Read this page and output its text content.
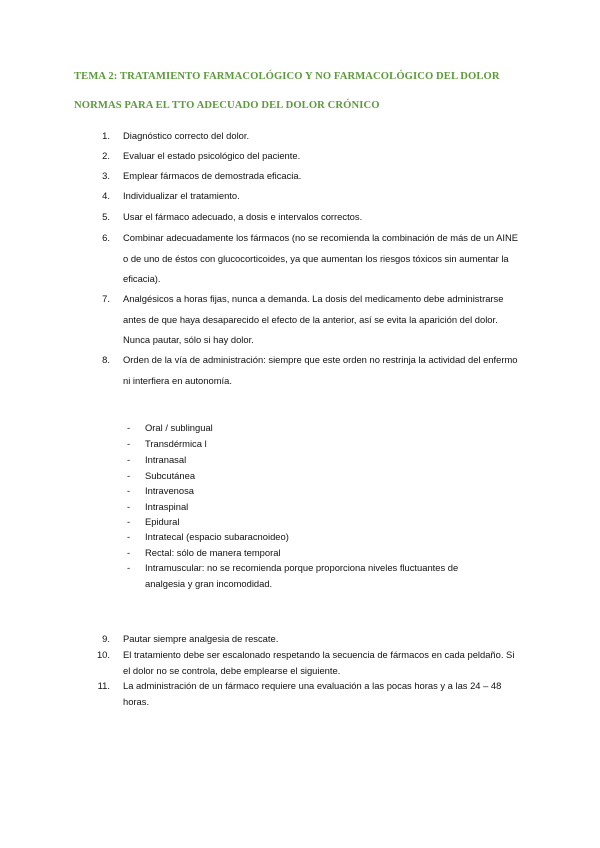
TEMA 2: TRATAMIENTO FARMACOLÓGICO Y NO FARMACOLÓGICO DEL DOLOR
NORMAS PARA EL TTO ADECUADO DEL DOLOR CRÓNICO
1. Diagnóstico correcto del dolor.
2. Evaluar el estado psicológico del paciente.
3. Emplear fármacos de demostrada eficacia.
4. Individualizar el tratamiento.
5. Usar el fármaco adecuado, a dosis e intervalos correctos.
6. Combinar adecuadamente los fármacos (no se recomienda la combinación de más de un AINE o de uno de éstos con glucocorticoides, ya que aumentan los riesgos tóxicos sin aumentar la eficacia).
7. Analgésicos a horas fijas, nunca a demanda. La dosis del medicamento debe administrarse antes de que haya desaparecido el efecto de la anterior, así se evita la aparición del dolor. Nunca pautar, sólo si hay dolor.
8. Orden de la vía de administración: siempre que este orden no restrinja la actividad del enfermo ni interfiera en autonomía.
- Oral / sublingual
- Transdérmica l
- Intranasal
- Subcutánea
- Intravenosa
- Intraspinal
- Epidural
- Intratecal (espacio subaracnoideo)
- Rectal: sólo de manera temporal
- Intramuscular: no se recomienda porque proporciona niveles fluctuantes de analgesia y gran incomodidad.
9. Pautar siempre analgesia de rescate.
10. El tratamiento debe ser escalonado respetando la secuencia de fármacos en cada peldaño. Si el dolor no se controla, debe emplearse el siguiente.
11. La administración de un fármaco requiere una evaluación a las pocas horas y a las 24 – 48 horas.
